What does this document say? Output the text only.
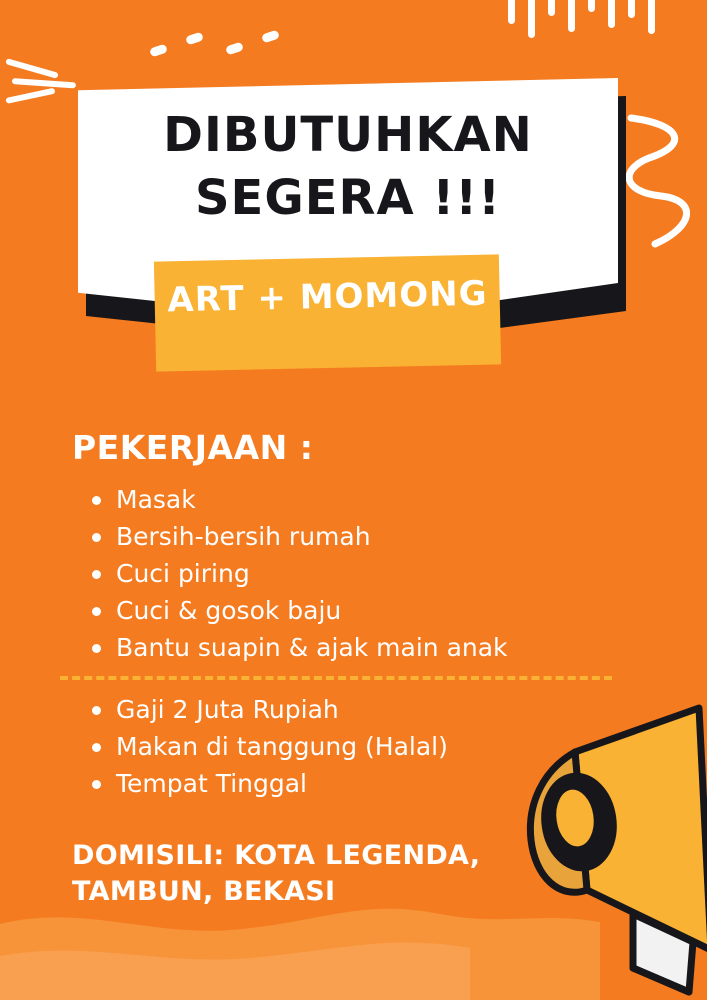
DIBUTUHKAN
SEGERA !!!
ART + MOMONG
PEKERJAAN :
Masak
Bersih-bersih rumah
Cuci piring
Cuci & gosok baju
Bantu suapin & ajak main anak
Gaji 2 Juta Rupiah
Makan di tanggung (Halal)
Tempat Tinggal
DOMISILI: KOTA LEGENDA,
TAMBUN, BEKASI
